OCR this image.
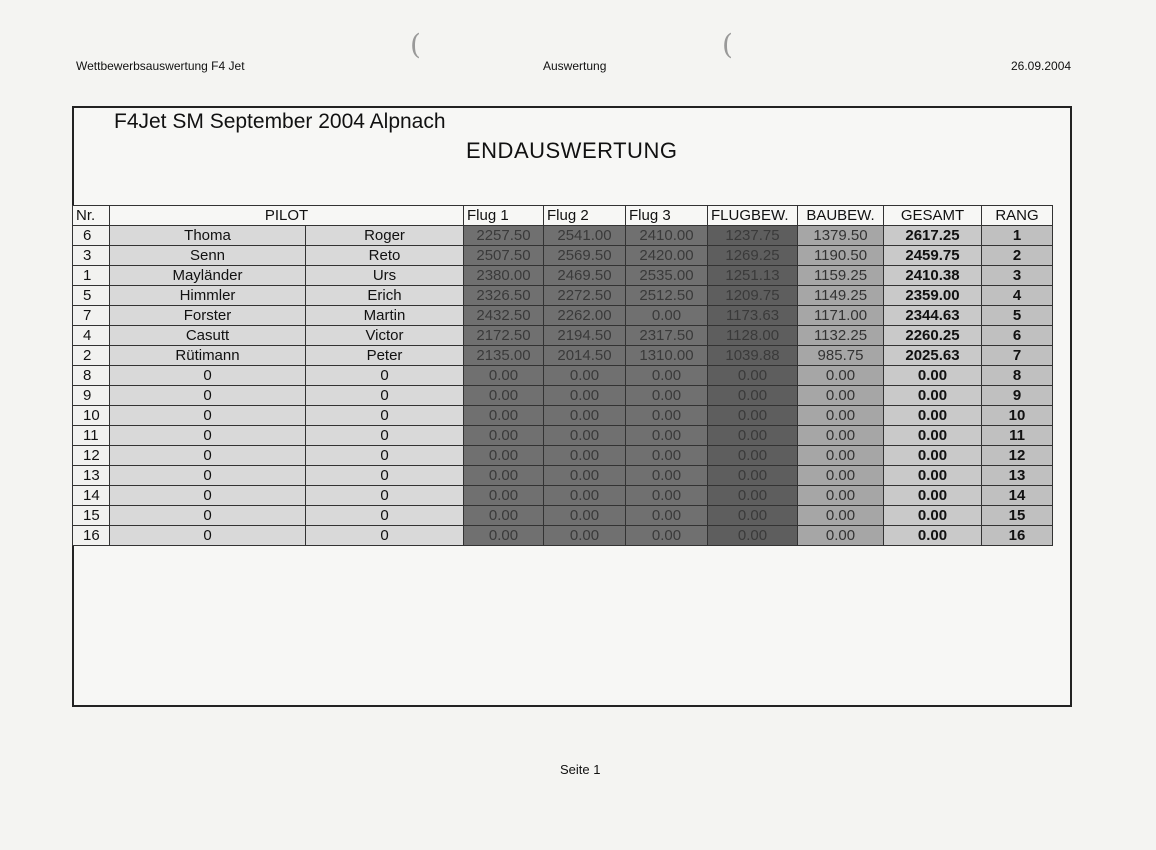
Wettbewerbsauswertung F4 Jet	Auswertung	26.09.2004
(	(
F4Jet SM September 2004 Alpnach
ENDAUSWERTUNG
Nr.	PILOT		Flug 1	Flug 2	Flug 3	FLUGBEW.	BAUBEW.	GESAMT	RANG
6	Thoma	Roger	2257.50	2541.00	2410.00	1237.75	1379.50	2617.25	1
3	Senn	Reto	2507.50	2569.50	2420.00	1269.25	1190.50	2459.75	2
1	Mayländer	Urs	2380.00	2469.50	2535.00	1251.13	1159.25	2410.38	3
5	Himmler	Erich	2326.50	2272.50	2512.50	1209.75	1149.25	2359.00	4
7	Forster	Martin	2432.50	2262.00	0.00	1173.63	1171.00	2344.63	5
4	Casutt	Victor	2172.50	2194.50	2317.50	1128.00	1132.25	2260.25	6
2	Rütimann	Peter	2135.00	2014.50	1310.00	1039.88	985.75	2025.63	7
8	0	0	0.00	0.00	0.00	0.00	0.00	0.00	8
9	0	0	0.00	0.00	0.00	0.00	0.00	0.00	9
10	0	0	0.00	0.00	0.00	0.00	0.00	0.00	10
11	0	0	0.00	0.00	0.00	0.00	0.00	0.00	11
12	0	0	0.00	0.00	0.00	0.00	0.00	0.00	12
13	0	0	0.00	0.00	0.00	0.00	0.00	0.00	13
14	0	0	0.00	0.00	0.00	0.00	0.00	0.00	14
15	0	0	0.00	0.00	0.00	0.00	0.00	0.00	15
16	0	0	0.00	0.00	0.00	0.00	0.00	0.00	16
Seite 1
